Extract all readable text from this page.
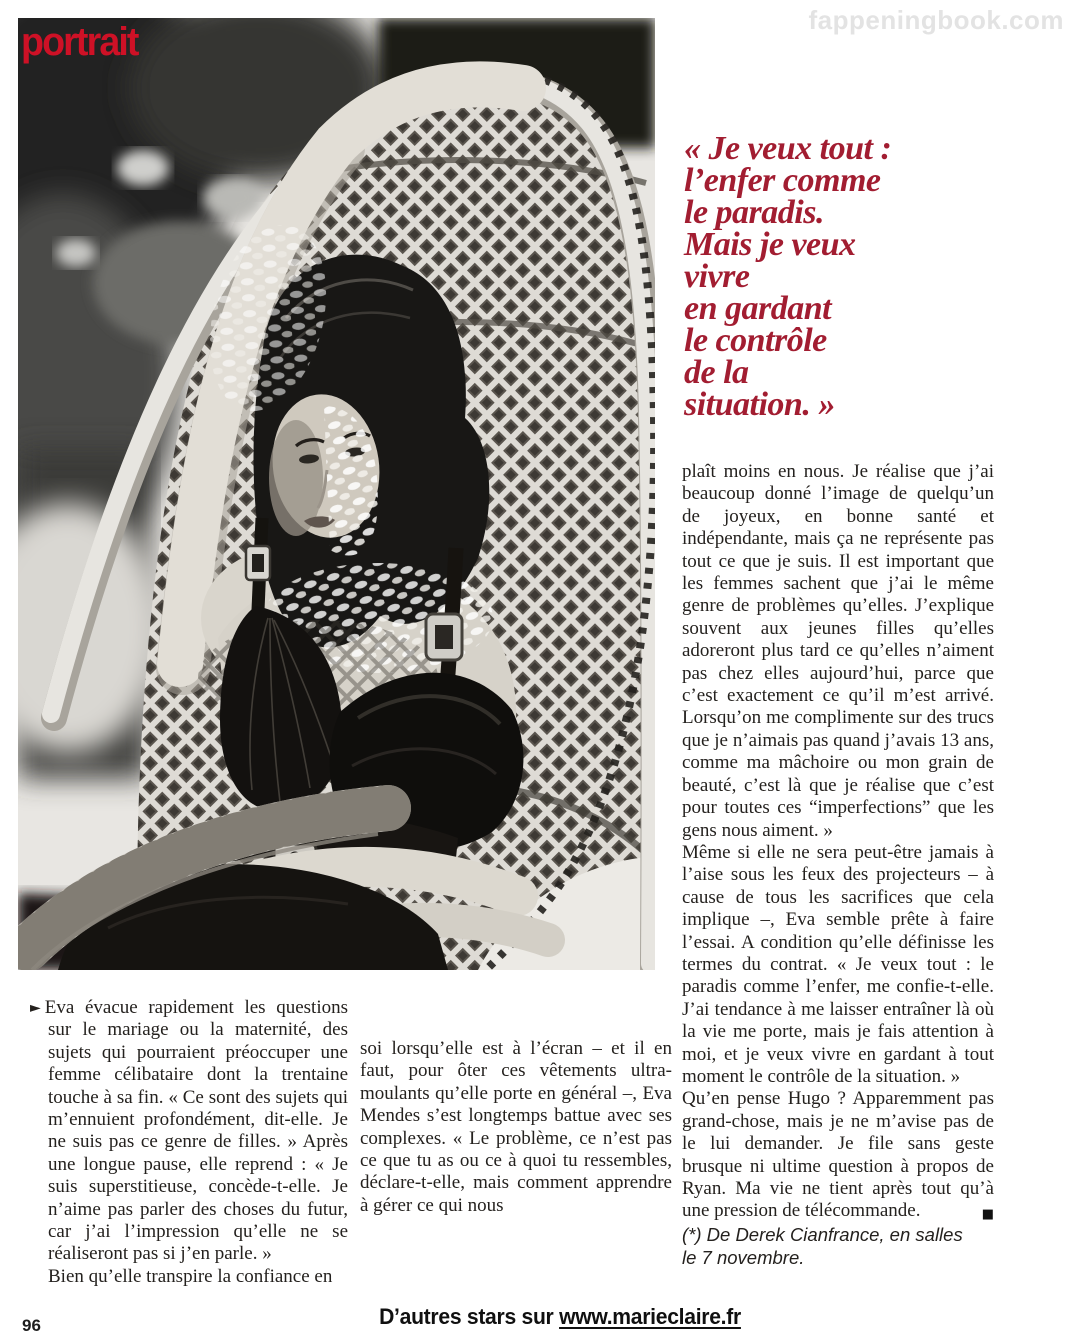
portrait	fappeningbook.com
« Je veux tout :
l’enfer comme
le paradis.
Mais je veux
vivre
en gardant
le contrôle
de la
situation. »

► Eva évacue rapidement les questions sur le mariage ou la maternité, des sujets qui pourraient préoccuper une femme célibataire dont la trentaine touche à sa fin. « Ce sont des sujets qui m’ennuient profondément, dit-elle. Je ne suis pas ce genre de filles. » Après une longue pause, elle reprend : « Je suis superstitieuse, concède-t-elle. Je n’aime pas parler des choses du futur, car j’ai l’impression qu’elle ne se réaliseront pas si j’en parle. »

Bien qu’elle transpire la confiance en

soi lorsqu’elle est à l’écran – et il en faut, pour ôter ces vêtements ultra-moulants qu’elle porte en général –, Eva Mendes s’est longtemps battue avec ses complexes. « Le problème, ce n’est pas ce que tu as ou ce à quoi tu ressembles, déclare-t-elle, mais comment apprendre à gérer ce qui nous

plaît moins en nous. Je réalise que j’ai beaucoup donné l’image de quelqu’un de joyeux, en bonne santé et indépendante, mais ça ne représente pas tout ce que je suis. Il est important que les femmes sachent que j’ai le même genre de problèmes qu’elles. J’explique souvent aux jeunes filles qu’elles adoreront plus tard ce qu’elles n’aiment pas chez elles aujourd’hui, parce que c’est exactement ce qu’il m’est arrivé. Lorsqu’on me complimente sur des trucs que je n’aimais pas quand j’avais 13 ans, comme ma mâchoire ou mon grain de beauté, c’est là que je réalise que c’est pour toutes ces “imperfections” que les gens nous aiment. »

Même si elle ne sera peut-être jamais à l’aise sous les feux des projecteurs – à cause de tous les sacrifices que cela implique –, Eva semble prête à faire l’essai. A condition qu’elle définisse les termes du contrat. « Je veux tout : le paradis comme l’enfer, me confie-t-elle. J’ai tendance à me laisser entraîner là où la vie me porte, mais je fais attention à moi, et je veux vivre en gardant à tout moment le contrôle de la situation. »

Qu’en pense Hugo ? Apparemment pas grand-chose, mais je ne m’avise pas de le lui demander. Je file sans geste brusque ni ultime question à propos de Ryan. Ma vie ne tient après tout qu’à une pression de télécommande.	■

(*) De Derek Cianfrance, en salles le 7 novembre.

96	D’autres stars sur www.marieclaire.fr
